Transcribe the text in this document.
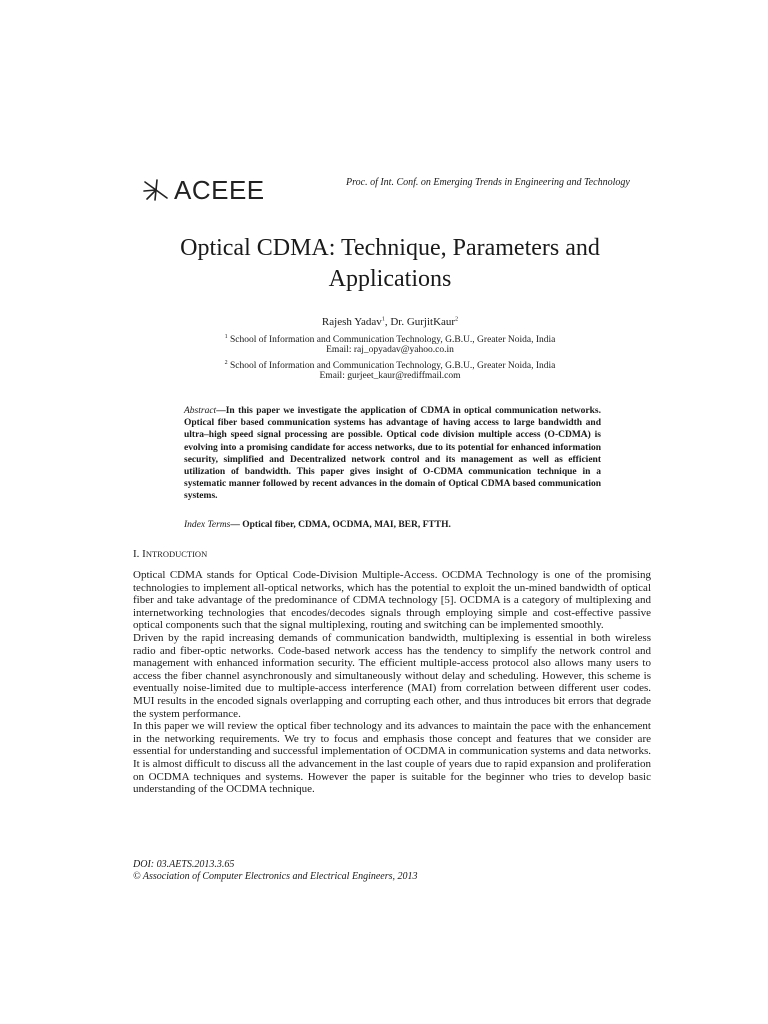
ACEEE	Proc. of Int. Conf. on Emerging Trends in Engineering and Technology
Optical CDMA: Technique, Parameters and
Applications
Rajesh Yadav$^1$, Dr. GurjitKaur$^2$
$^1$ School of Information and Communication Technology, G.B.U., Greater Noida, India
Email: raj_opyadav@yahoo.co.in
$^2$ School of Information and Communication Technology, G.B.U., Greater Noida, India
Email: gurjeet_kaur@rediffmail.com
Abstract—In this paper we investigate the application of CDMA in optical communication networks. Optical fiber based communication systems has advantage of having access to large bandwidth and ultra–high speed signal processing are possible. Optical code division multiple access (O-CDMA) is evolving into a promising candidate for access networks, due to its potential for enhanced information security, simplified and Decentralized network control and its management as well as efficient utilization of bandwidth. This paper gives insight of O-CDMA communication technique in a systematic manner followed by recent advances in the domain of Optical CDMA based communication systems.
Index Terms— Optical fiber, CDMA, OCDMA, MAI, BER, FTTH.
I. INTRODUCTION

Optical CDMA stands for Optical Code-Division Multiple-Access. OCDMA Technology is one of the promising technologies to implement all-optical networks, which has the potential to exploit the un-mined bandwidth of optical fiber and take advantage of the predominance of CDMA technology [5]. OCDMA is a category of multiplexing and internetworking technologies that encodes/decodes signals through employing simple and cost-effective passive optical components such that the signal multiplexing, routing and switching can be implemented smoothly.

Driven by the rapid increasing demands of communication bandwidth, multiplexing is essential in both wireless radio and fiber-optic networks. Code-based network access has the tendency to simplify the network control and management with enhanced information security. The efficient multiple-access protocol also allows many users to access the fiber channel asynchronously and simultaneously without delay and scheduling. However, this scheme is eventually noise-limited due to multiple-access interference (MAI) from correlation between different user codes. MUI results in the encoded signals overlapping and corrupting each other, and thus introduces bit errors that degrade the system performance.

In this paper we will review the optical fiber technology and its advances to maintain the pace with the enhancement in the networking requirements. We try to focus and emphasis those concept and features that we consider are essential for understanding and successful implementation of OCDMA in communication systems and data networks. It is almost difficult to discuss all the advancement in the last couple of years due to rapid expansion and proliferation on OCDMA techniques and systems. However the paper is suitable for the beginner who tries to develop basic understanding of the OCDMA technique.

DOI: 03.AETS.2013.3.65
© Association of Computer Electronics and Electrical Engineers, 2013
